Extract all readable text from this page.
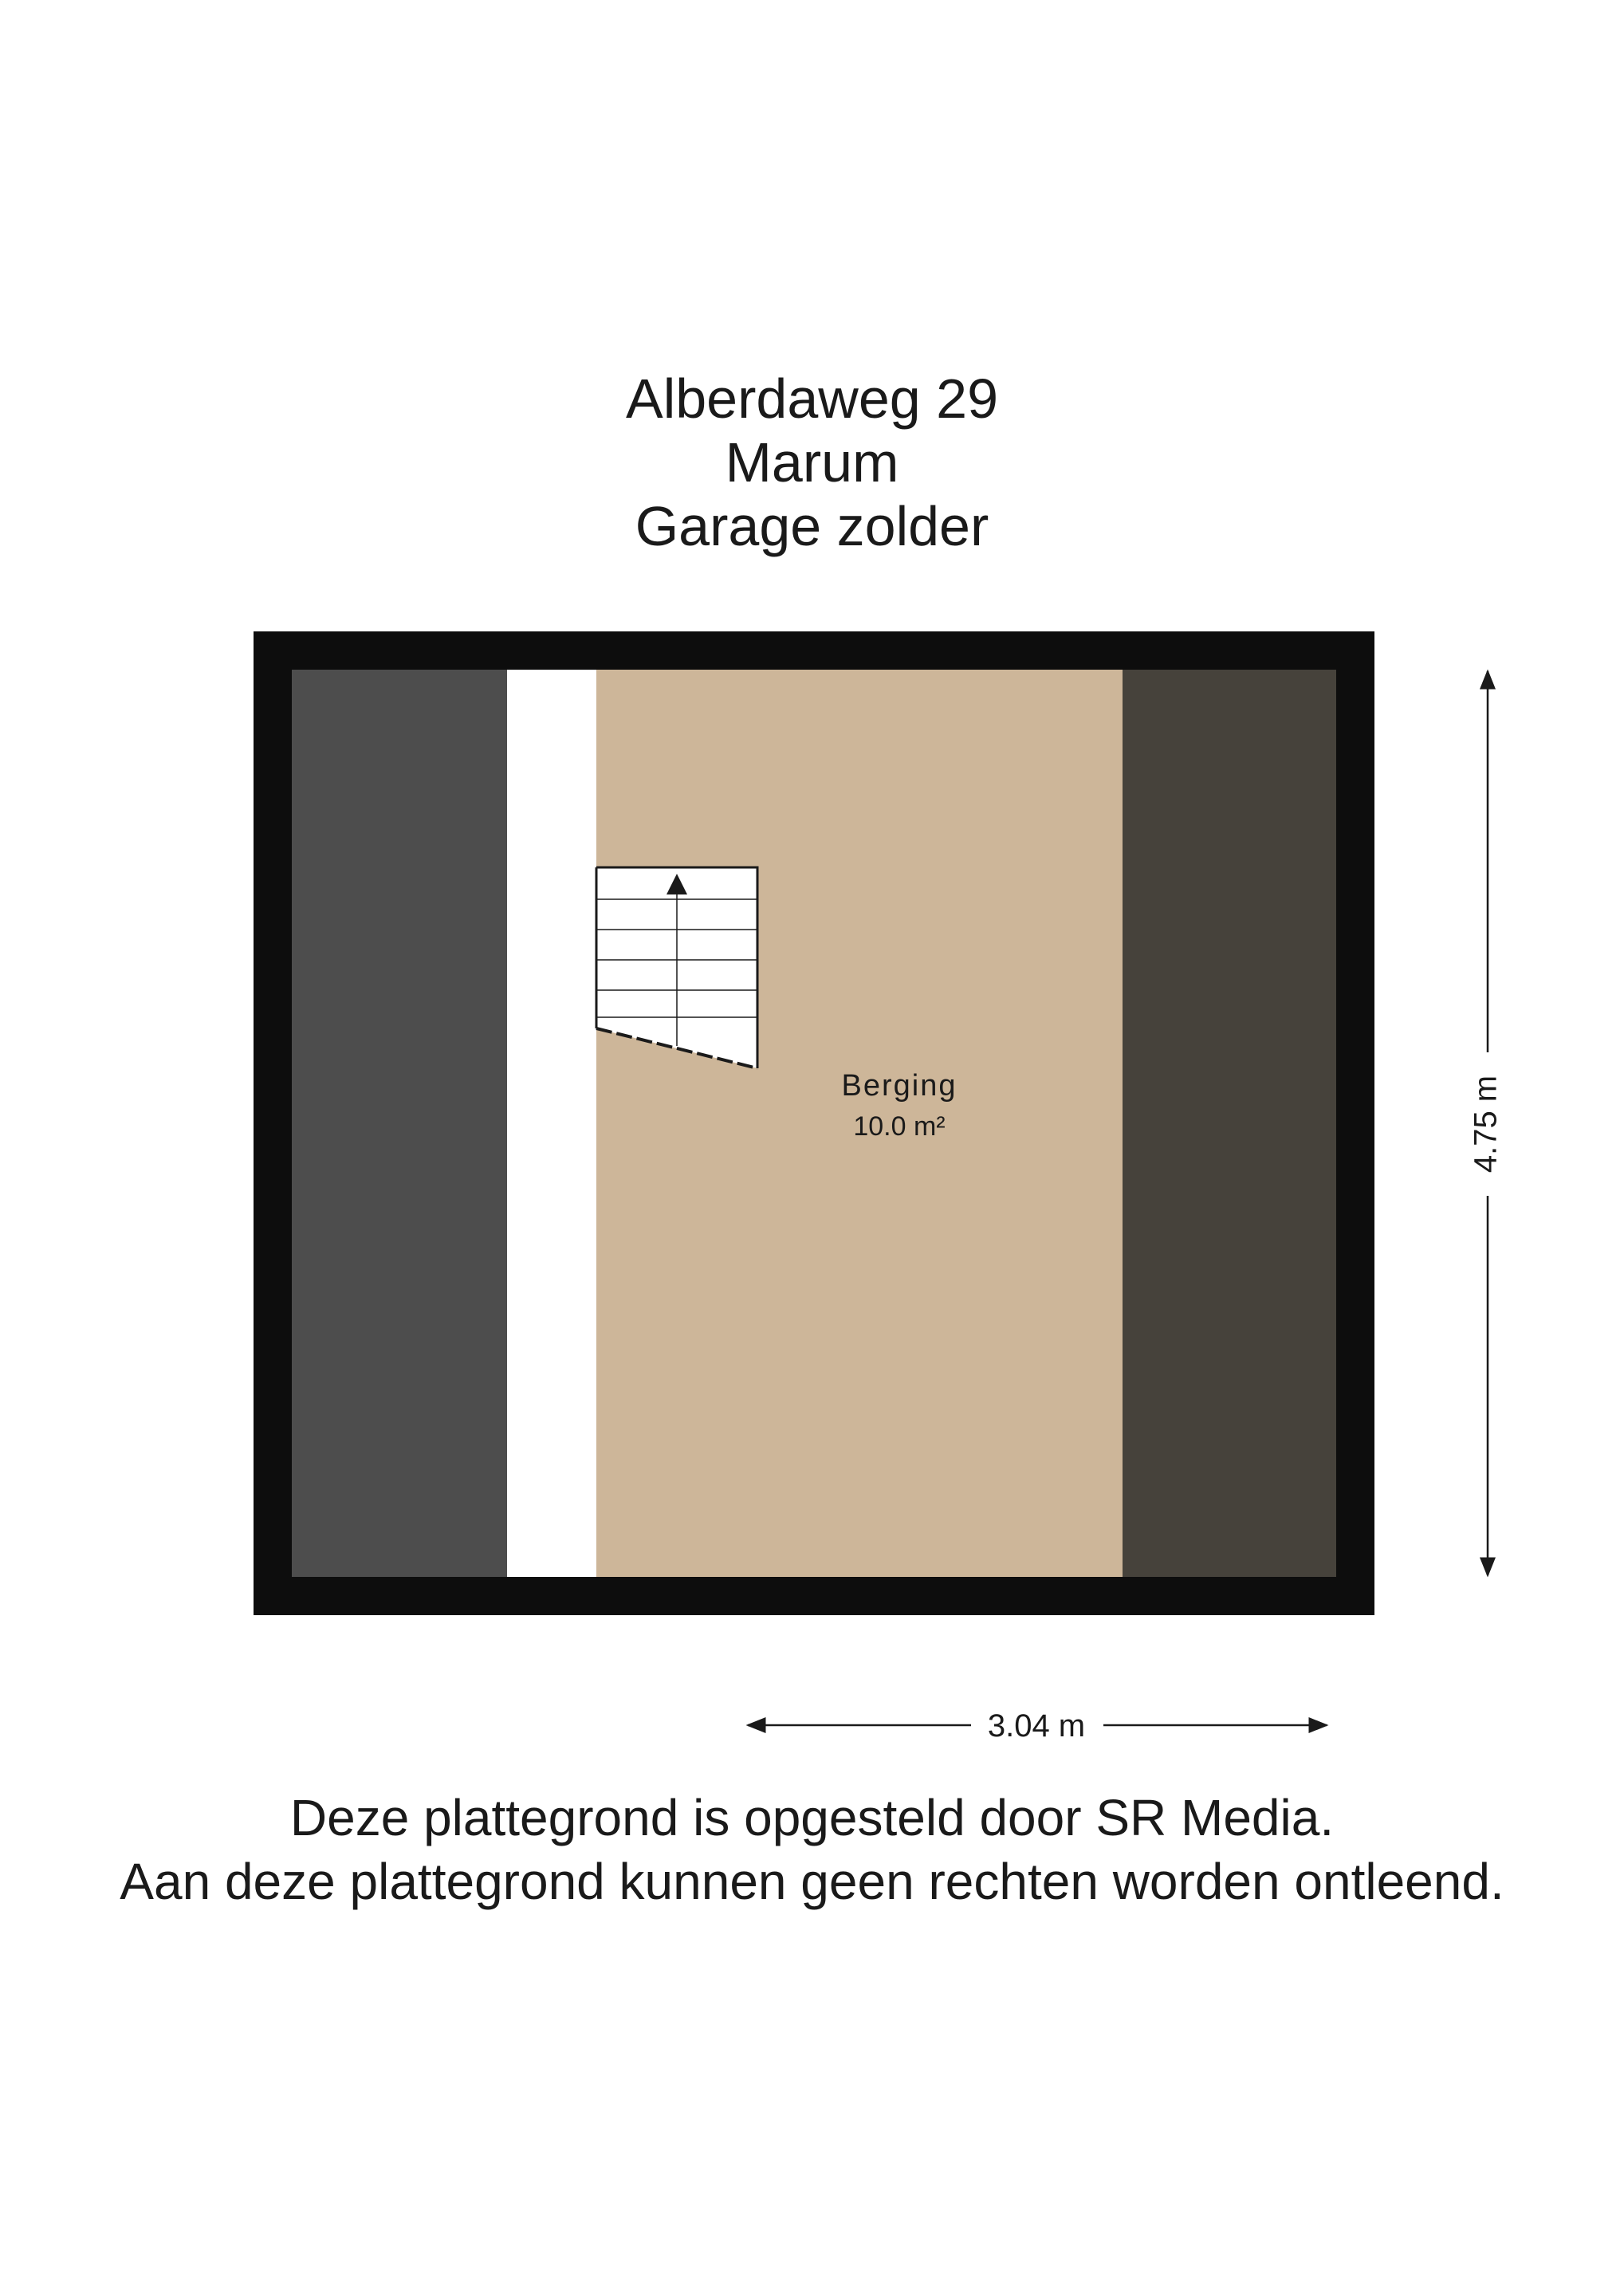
Alberdaweg 29
Marum
Garage zolder
Berging
10.0 m²	4.75 m
3.04 m
Deze plattegrond is opgesteld door SR Media.
Aan deze plattegrond kunnen geen rechten worden ontleend.
